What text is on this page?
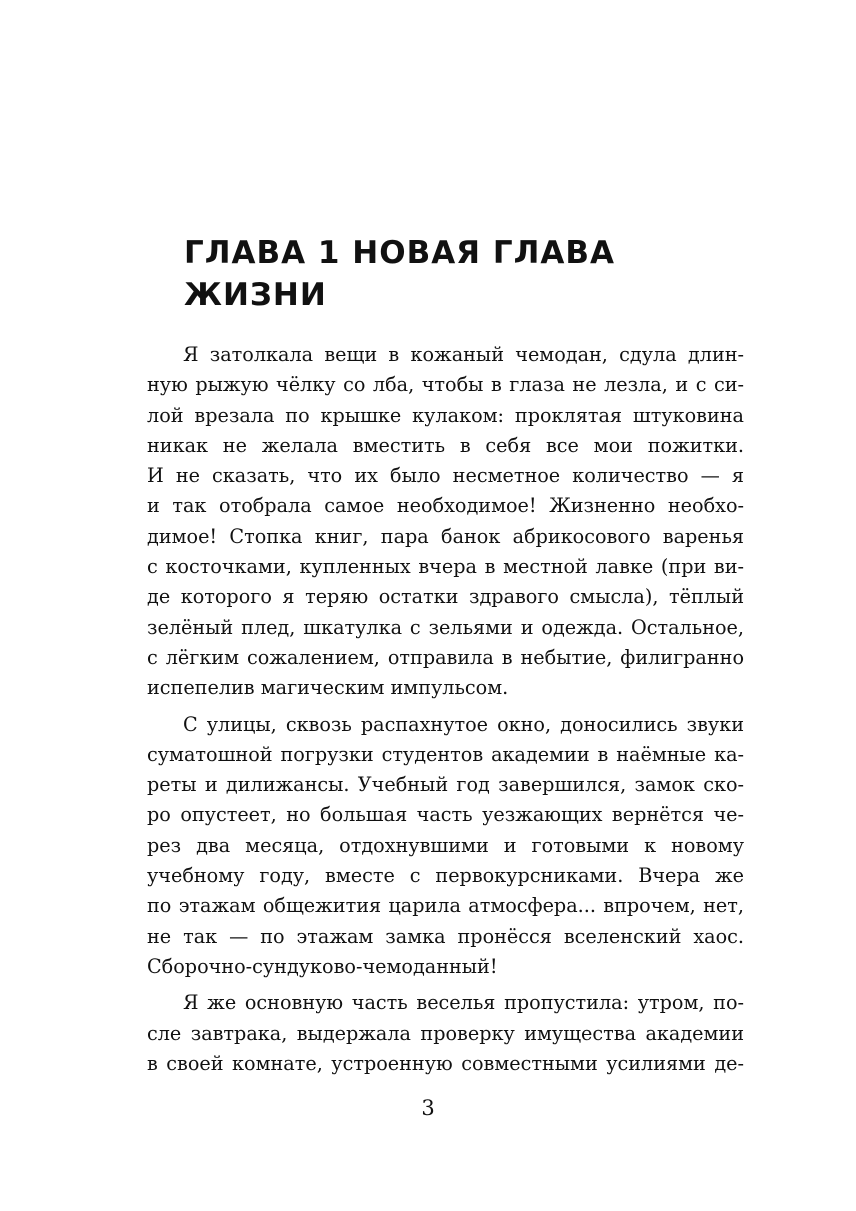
ГЛАВА 1 НОВАЯ ГЛАВА
ЖИЗНИ
Я затолкала вещи в кожаный чемодан, сдула длин-
ную рыжую чёлку со лба, чтобы в глаза не лезла, и с си-
лой врезала по крышке кулаком: проклятая штуковина
никак не желала вместить в себя все мои пожитки.
И не сказать, что их было несметное количество — я
и так отобрала самое необходимое! Жизненно необхо-
димое! Стопка книг, пара банок абрикосового варенья
с косточками, купленных вчера в местной лавке (при ви-
де которого я теряю остатки здравого смысла), тёплый
зелёный плед, шкатулка с зельями и одежда. Остальное,
с лёгким сожалением, отправила в небытие, филигранно
испепелив магическим импульсом.
С улицы, сквозь распахнутое окно, доносились звуки
суматошной погрузки студентов академии в наёмные ка-
реты и дилижансы. Учебный год завершился, замок ско-
ро опустеет, но большая часть уезжающих вернётся че-
рез два месяца, отдохнувшими и готовыми к новому
учебному году, вместе с первокурсниками. Вчера же
по этажам общежития царила атмосфера... впрочем, нет,
не так — по этажам замка пронёсся вселенский хаос.
Сборочно-сундуково-чемоданный!
Я же основную часть веселья пропустила: утром, по-
сле завтрака, выдержала проверку имущества академии
в своей комнате, устроенную совместными усилиями де-
3
